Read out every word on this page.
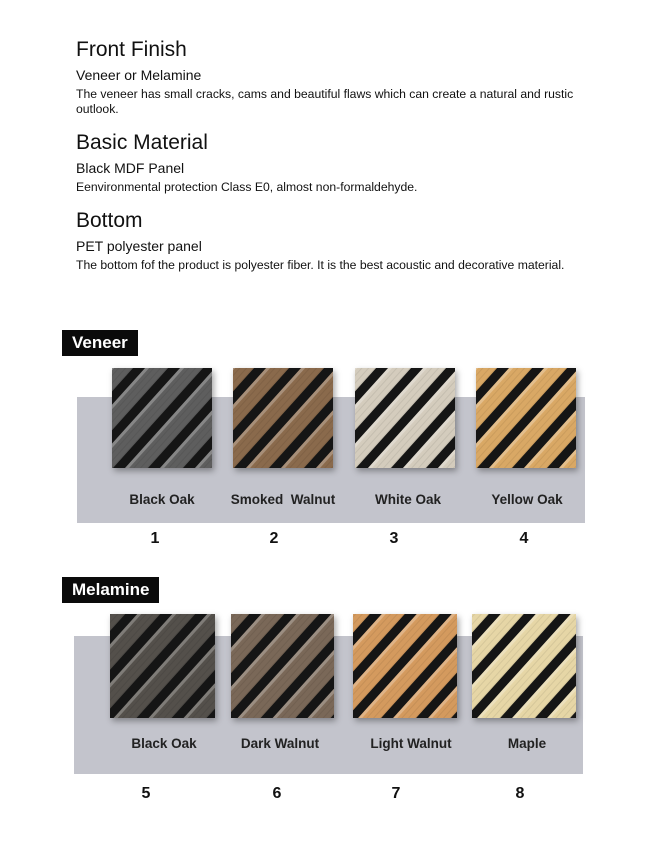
Front Finish

Veneer or Melamine

The veneer has small cracks, cams and beautiful flaws which can create a natural and rustic outlook.

Basic Material

Black MDF Panel

Eenvironmental protection Class E0, almost non-formaldehyde.

Bottom

PET polyester panel

The bottom fof the product is polyester fiber. It is the best acoustic and decorative material.

Veneer
Black Oak	Smoked  Walnut	White Oak	Yellow Oak
1	2	3	4
Melamine
Black Oak	Dark Walnut	Light Walnut	Maple
5	6	7	8
